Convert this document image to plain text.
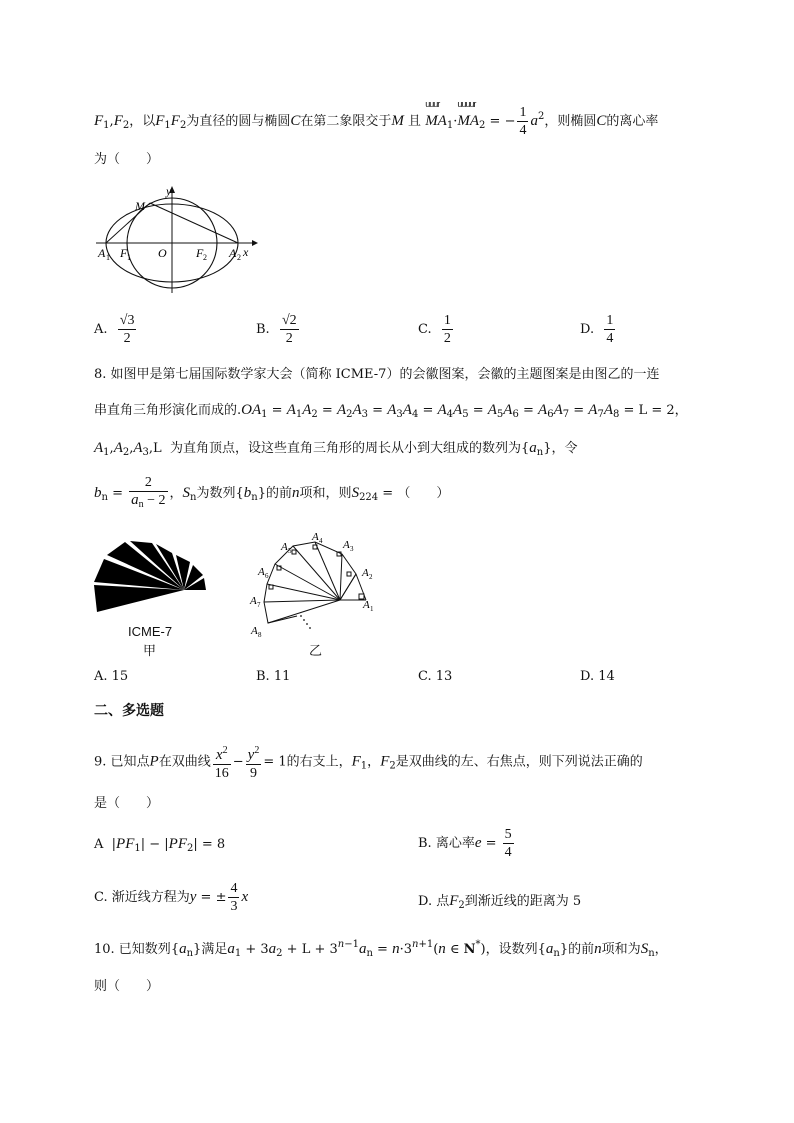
$F_1,F_2$，以$F_1F_2$为直径的圆与椭圆C在第二象限交于M 且
uuur
$MA_1\cdot$
uuuur
$MA_2$ = − $\frac{1}{4} a^2$，则椭圆C的离心率
为（　　）
y
M
A 1 F 1 O F 2 A 2 x
A. $\frac{√3}{2}$	B. $\frac{√2}{2}$	C. $\frac{1}{2}$	D. $\frac{1}{4}$
8. 如图甲是第七届国际数学家大会（简称 ICME-7）的会徽图案，会徽的主题图案是由图乙的一连
串直角三角形演化而成的$.OA_1 = A_1A_2 = A_2A_3 = A_3A_4 = A_4A_5 = A_5A_6 = A_6A_7 = A_7A_8 = L = 2$，
$A_1,A_2,A_3,L$  为直角顶点，设这些直角三角形的周长从小到大组成的数列为$\{a_n\}$，令
$b_n = \frac{2}{a_n - 2}$ ，$S_n$为数列$\{b_n\}$的前n项和，则$S_{224}$ = （　　）
ICME-7
甲
A 1
A 2
A 3
A 4
A 5
A 6
A 7
A 8
乙
A. 15	B. 11	C. 13	D. 14
二、多选题
9. 已知点P在双曲线 $\frac{x^2}{16} - \frac{y^2}{9} = 1$的右支上，$F_1$，$F_2$是双曲线的左、右焦点，则下列说法正确的
是（　　）
A  $|PF_1| - |PF_2| = 8$	B. 离心率$e = \frac{5}{4}$
C. 渐近线方程为y = ± $\frac{4}{3}$ x	D. 点$F_2$到渐近线的距离为 5
10. 已知数列$\{a_n\}$满足$a_1 + 3a_2 + L + 3^{n-1}a_n = n\cdot 3^{n+1}(n$ ∈ N*)，设数列$\{a_n\}$的前n项和为$S_n$，
则（　　）
